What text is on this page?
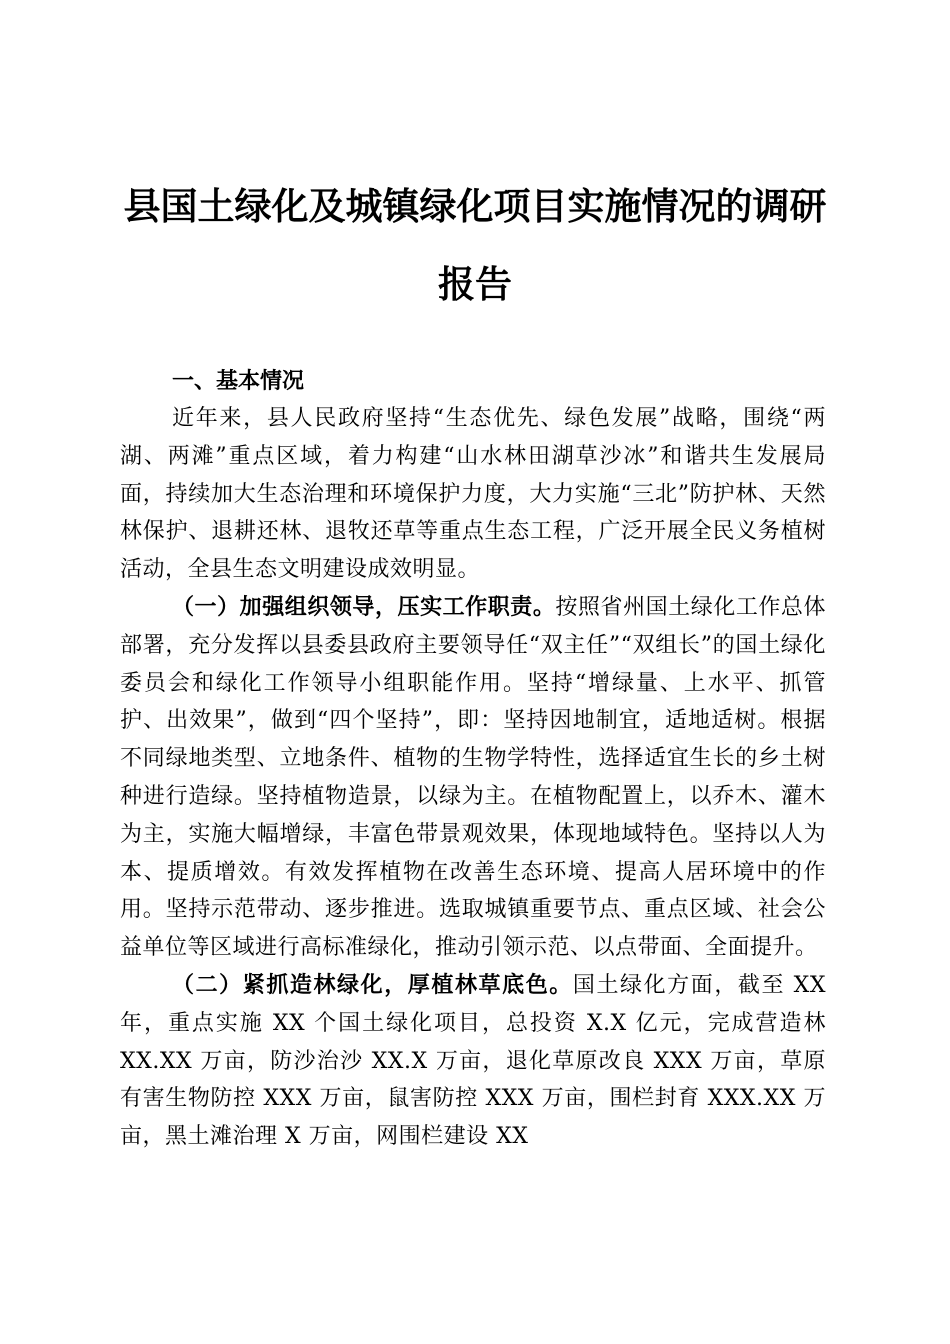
县国土绿化及城镇绿化项目实施情况的调研报告

一、基本情况

近年来，县人民政府坚持“生态优先、绿色发展”战略，围绕“两湖、两滩”重点区域，着力构建“山水林田湖草沙冰”和谐共生发展局面，持续加大生态治理和环境保护力度，大力实施“三北”防护林、天然林保护、退耕还林、退牧还草等重点生态工程，广泛开展全民义务植树活动，全县生态文明建设成效明显。

（一）加强组织领导，压实工作职责。按照省州国土绿化工作总体部署，充分发挥以县委县政府主要领导任“双主任”“双组长”的国土绿化委员会和绿化工作领导小组职能作用。坚持“增绿量、上水平、抓管护、出效果”，做到“四个坚持”，即：坚持因地制宜，适地适树。根据不同绿地类型、立地条件、植物的生物学特性，选择适宜生长的乡土树种进行造绿。坚持植物造景，以绿为主。在植物配置上，以乔木、灌木为主，实施大幅增绿，丰富色带景观效果，体现地域特色。坚持以人为本、提质增效。有效发挥植物在改善生态环境、提高人居环境中的作用。坚持示范带动、逐步推进。选取城镇重要节点、重点区域、社会公益单位等区域进行高标准绿化，推动引领示范、以点带面、全面提升。

（二）紧抓造林绿化，厚植林草底色。国土绿化方面，截至 XX 年，重点实施 XX 个国土绿化项目，总投资 X.X 亿元，完成营造林 XX.XX 万亩，防沙治沙 XX.X 万亩，退化草原改良 XXX 万亩，草原有害生物防控 XXX 万亩，鼠害防控 XXX 万亩，围栏封育 XXX.XX 万亩，黑土滩治理 X 万亩，网围栏建设 XX
